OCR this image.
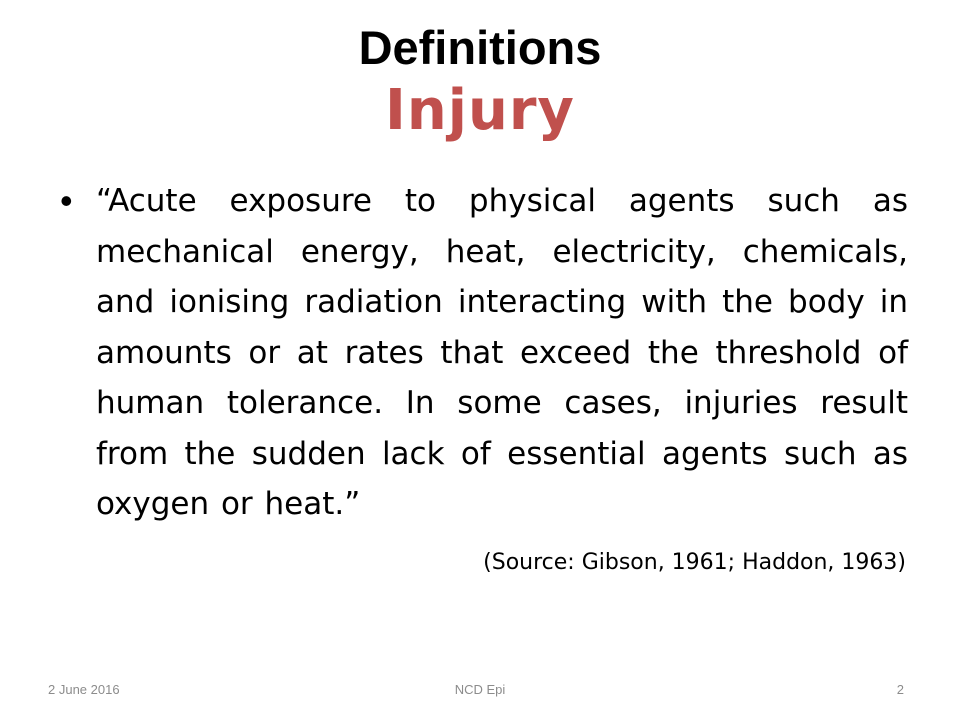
Definitions
Injury
• “Acute exposure to physical agents such as mechanical energy, heat, electricity, chemicals, and ionising radiation interacting with the body in amounts or at rates that exceed the threshold of human tolerance. In some cases, injuries result from the sudden lack of essential agents such as oxygen or heat.”
(Source: Gibson, 1961; Haddon, 1963)
2 June 2016	NCD Epi	2
